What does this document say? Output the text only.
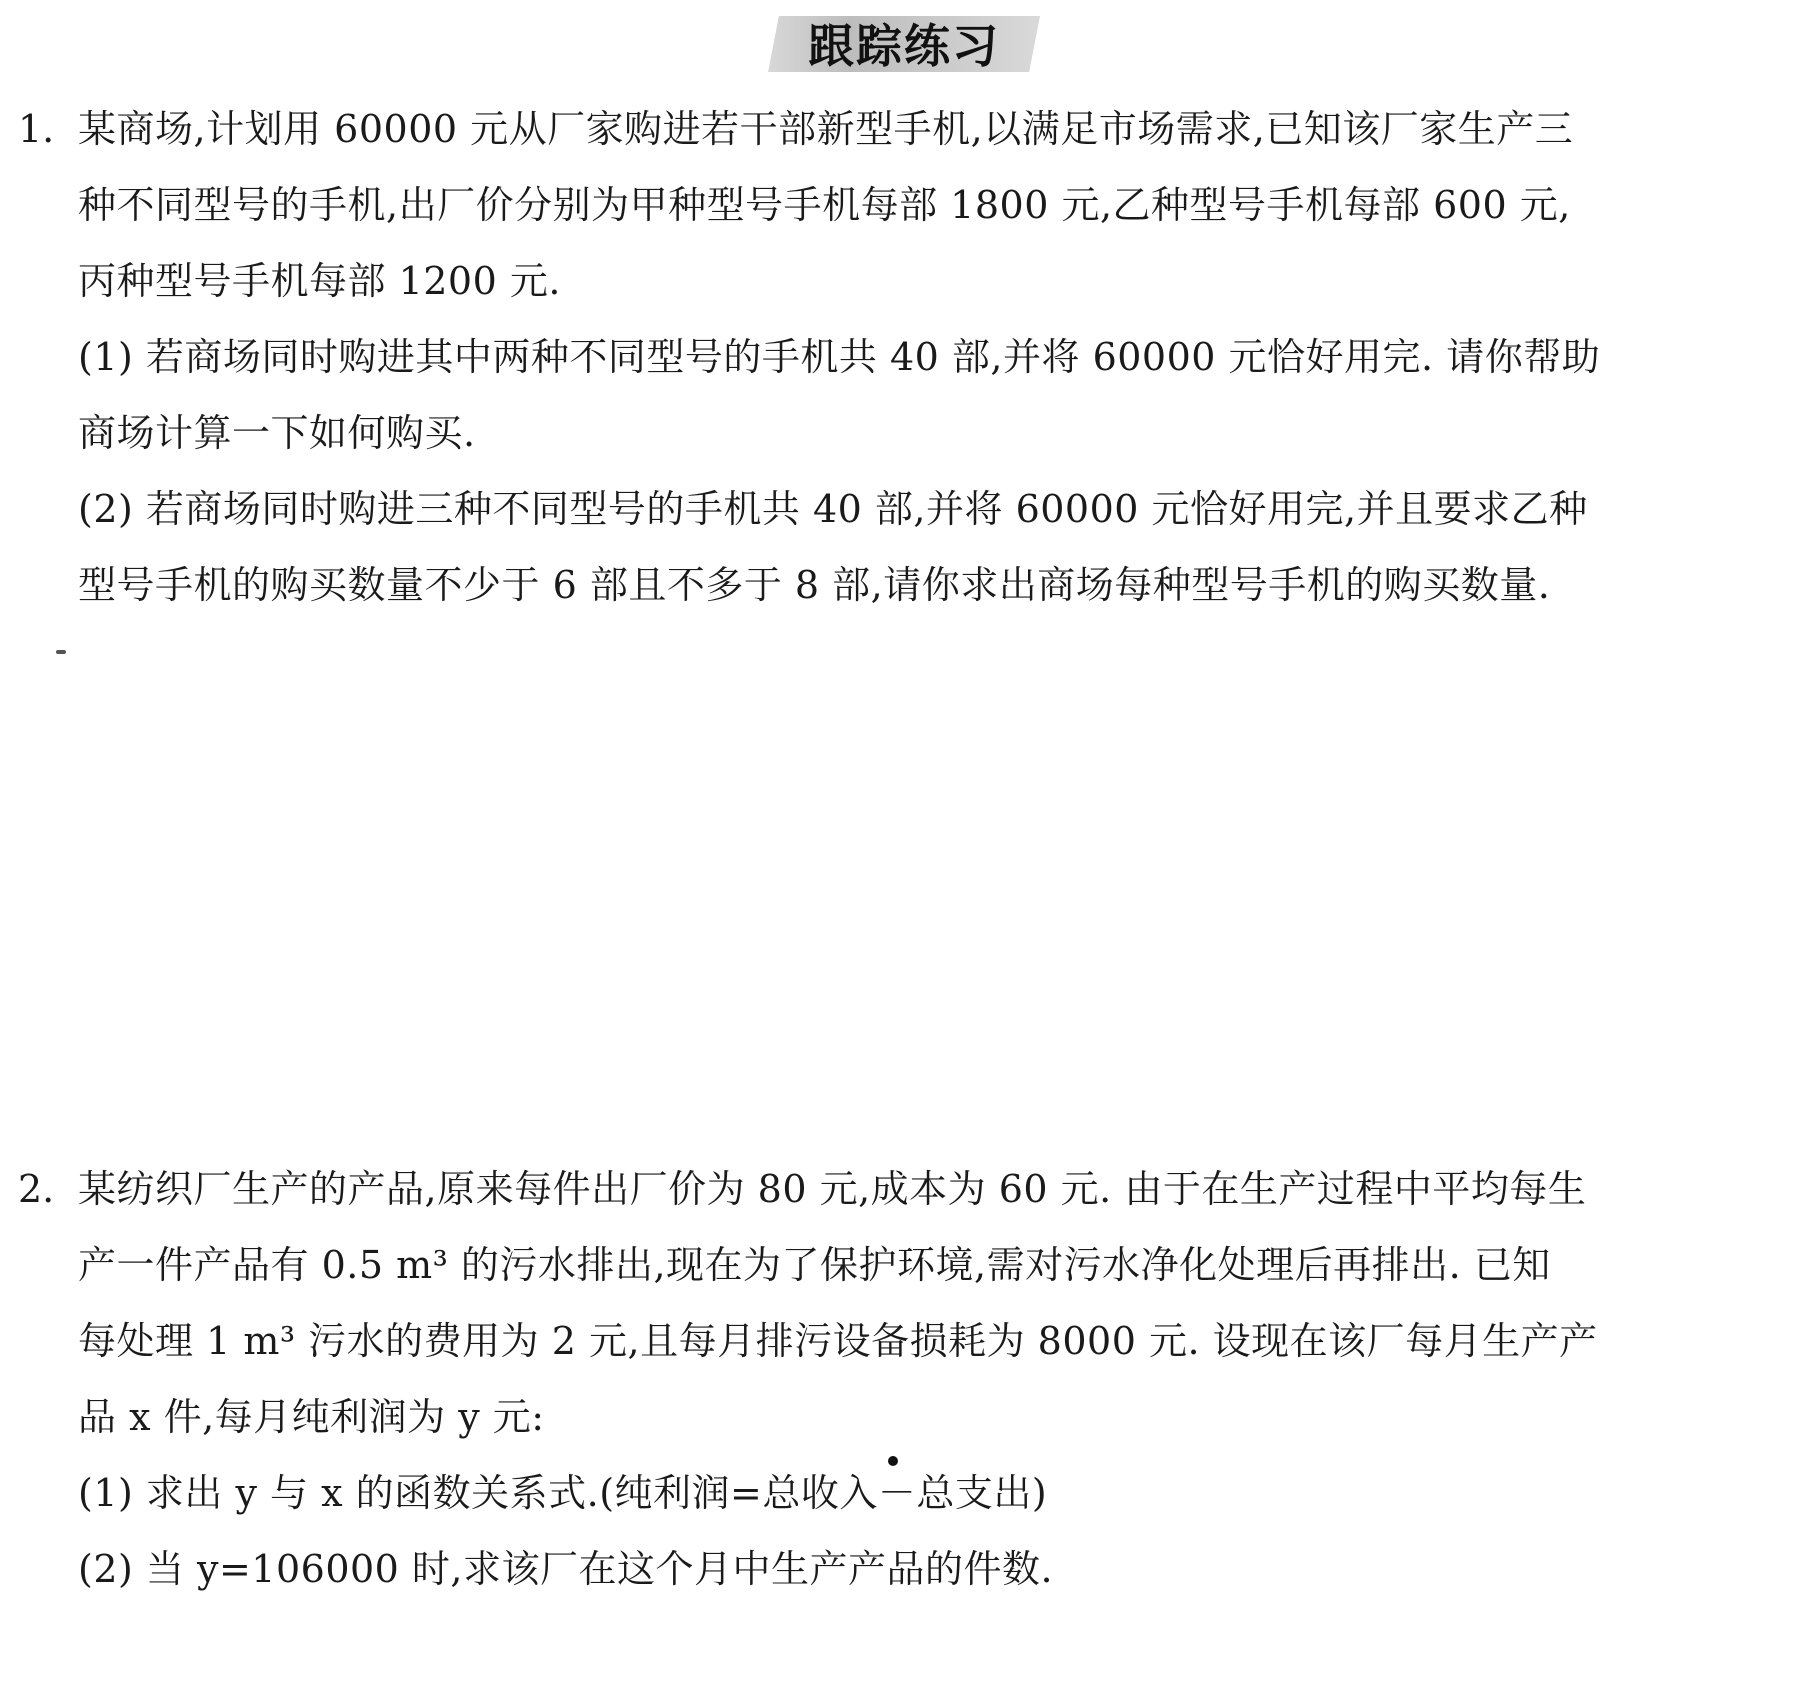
跟踪练习
1. 某商场,计划用 60000 元从厂家购进若干部新型手机,以满足市场需求,已知该厂家生产三
种不同型号的手机,出厂价分别为甲种型号手机每部 1800 元,乙种型号手机每部 600 元,
丙种型号手机每部 1200 元.
(1) 若商场同时购进其中两种不同型号的手机共 40 部,并将 60000 元恰好用完. 请你帮助
商场计算一下如何购买.
(2) 若商场同时购进三种不同型号的手机共 40 部,并将 60000 元恰好用完,并且要求乙种
型号手机的购买数量不少于 6 部且不多于 8 部,请你求出商场每种型号手机的购买数量.
2. 某纺织厂生产的产品,原来每件出厂价为 80 元,成本为 60 元. 由于在生产过程中平均每生
产一件产品有 0.5 m³ 的污水排出,现在为了保护环境,需对污水净化处理后再排出. 已知
每处理 1 m³ 污水的费用为 2 元,且每月排污设备损耗为 8000 元. 设现在该厂每月生产产
品 x 件,每月纯利润为 y 元:
(1) 求出 y 与 x 的函数关系式.(纯利润=总收入－总支出)
(2) 当 y=106000 时,求该厂在这个月中生产产品的件数.
